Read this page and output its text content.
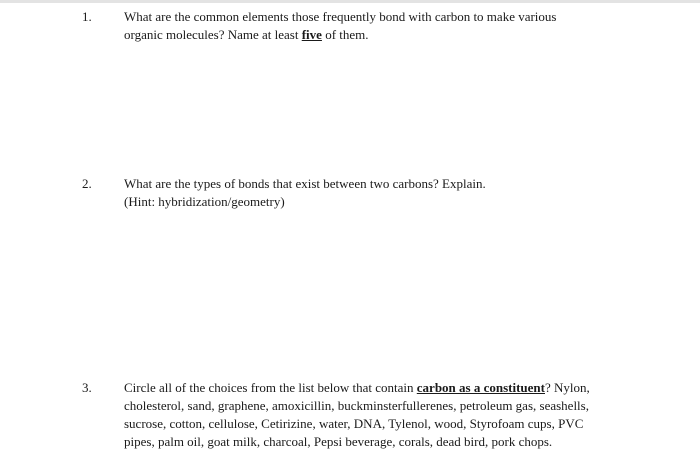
1. What are the common elements those frequently bond with carbon to make various
organic molecules? Name at least five of them.

2. What are the types of bonds that exist between two carbons? Explain.
(Hint: hybridization/geometry)

3. Circle all of the choices from the list below that contain carbon as a constituent? Nylon,
cholesterol, sand, graphene, amoxicillin, buckminsterfullerenes, petroleum gas, seashells,
sucrose, cotton, cellulose, Cetirizine, water, DNA, Tylenol, wood, Styrofoam cups, PVC
pipes, palm oil, goat milk, charcoal, Pepsi beverage, corals, dead bird, pork chops.
